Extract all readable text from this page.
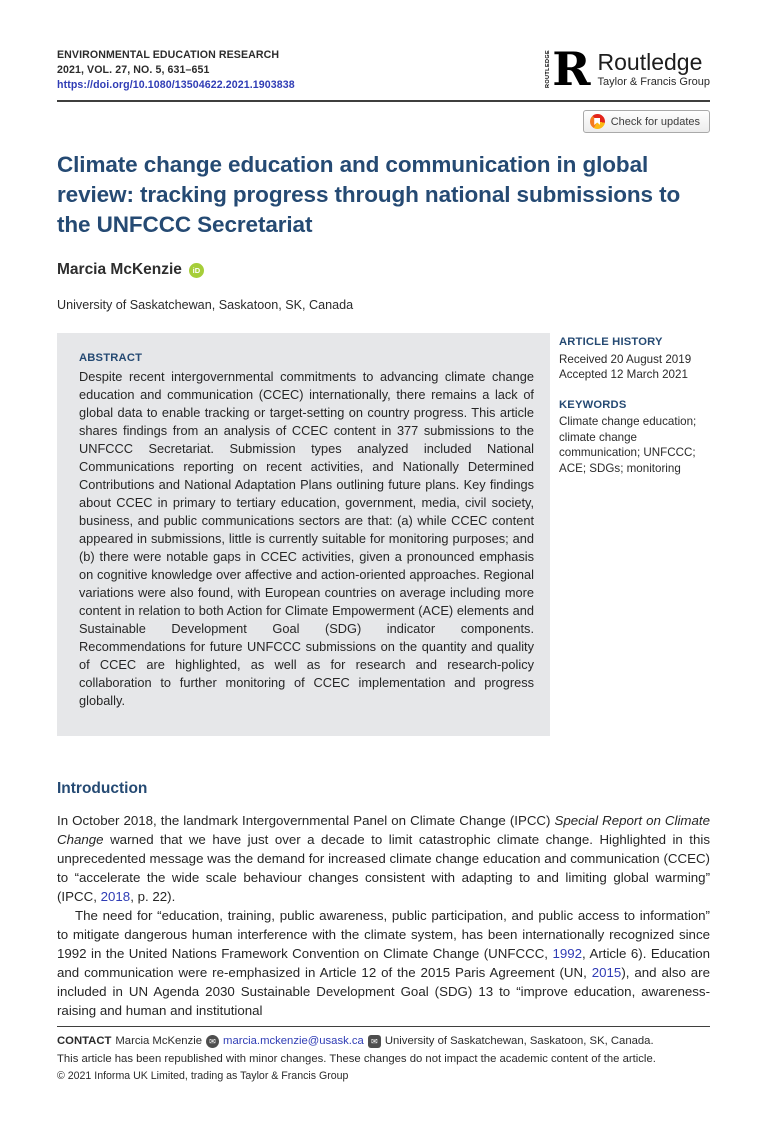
ENVIRONMENTAL EDUCATION RESEARCH
2021, VOL. 27, NO. 5, 631–651
https://doi.org/10.1080/13504622.2021.1903838	ROUTLEDGE R Routledge
Taylor & Francis Group
Check for updates
Climate change education and communication in global review: tracking progress through national submissions to the UNFCCC Secretariat
Marcia McKenzie	iD
University of Saskatchewan, Saskatoon, SK, Canada
ABSTRACT

Despite recent intergovernmental commitments to advancing climate change education and communication (CCEC) internationally, there remains a lack of global data to enable tracking or target-setting on country progress. This article shares findings from an analysis of CCEC content in 377 submissions to the UNFCCC Secretariat. Submission types analyzed included National Communications reporting on recent activities, and Nationally Determined Contributions and National Adaptation Plans outlining future plans. Key findings about CCEC in primary to tertiary education, government, media, civil society, business, and public communications sectors are that: (a) while CCEC content appeared in submissions, little is currently suitable for monitoring purposes; and (b) there were notable gaps in CCEC activities, given a pronounced emphasis on cognitive knowledge over affective and action-oriented approaches. Regional variations were also found, with European countries on average including more content in relation to both Action for Climate Empowerment (ACE) elements and Sustainable Development Goal (SDG) indicator components. Recommendations for future UNFCCC submissions on the quantity and quality of CCEC are highlighted, as well as for research and research-policy collaboration to further monitoring of CCEC implementation and progress globally.

ARTICLE HISTORY
Received 20 August 2019
Accepted 12 March 2021
KEYWORDS
Climate change education; climate change communication; UNFCCC; ACE; SDGs; monitoring
Introduction

In October 2018, the landmark Intergovernmental Panel on Climate Change (IPCC) Special Report on Climate Change warned that we have just over a decade to limit catastrophic climate change. Highlighted in this unprecedented message was the demand for increased climate change education and communication (CCEC) to “accelerate the wide scale behaviour changes consistent with adapting to and limiting global warming” (IPCC, 2018, p. 22).

The need for “education, training, public awareness, public participation, and public access to information” to mitigate dangerous human interference with the climate system, has been internationally recognized since 1992 in the United Nations Framework Convention on Climate Change (UNFCCC, 1992, Article 6). Education and communication were re-emphasized in Article 12 of the 2015 Paris Agreement (UN, 2015), and also are included in UN Agenda 2030 Sustainable Development Goal (SDG) 13 to “improve education, awareness-raising and human and institutional

CONTACT Marcia McKenzie ✉ marcia.mckenzie@usask.ca ✉ University of Saskatchewan, Saskatoon, SK, Canada.
This article has been republished with minor changes. These changes do not impact the academic content of the article.
© 2021 Informa UK Limited, trading as Taylor & Francis Group
